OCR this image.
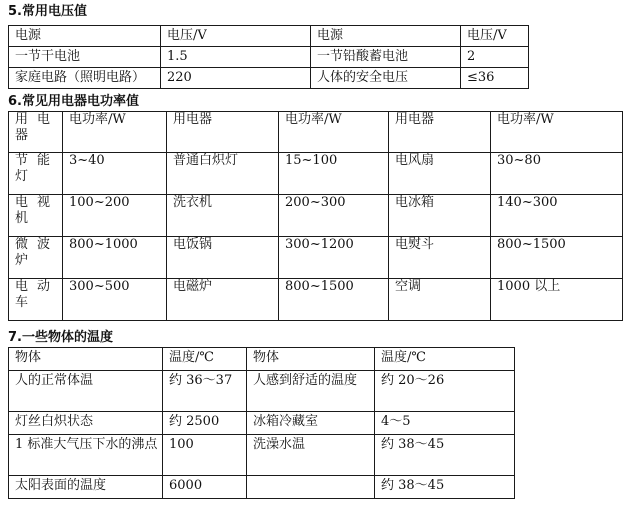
5.常用电压值
电源	电压/V	电源	电压/V
一节干电池	1.5	一节铅酸蓄电池	2
家庭电路（照明电路）	220	人体的安全电压	≤36
6.常见用电器电功率值
用电器	电功率/W	用电器	电功率/W	用电器	电功率/W
节能灯	3~40	普通白炽灯	15~100	电风扇	30~80
电视机	100~200	洗衣机	200~300	电冰箱	140~300
微波炉	800~1000	电饭锅	300~1200	电熨斗	800~1500
电动车	300~500	电磁炉	800~1500	空调	1000 以上
7.一些物体的温度
物体	温度/℃	物体	温度/℃
人的正常体温	约 36～37	人感到舒适的温度	约 20～26
灯丝白炽状态	约 2500	冰箱冷藏室	4～5
1 标准大气压下水的沸点	100	洗澡水温	约 38～45
太阳表面的温度	6000		约 38～45
